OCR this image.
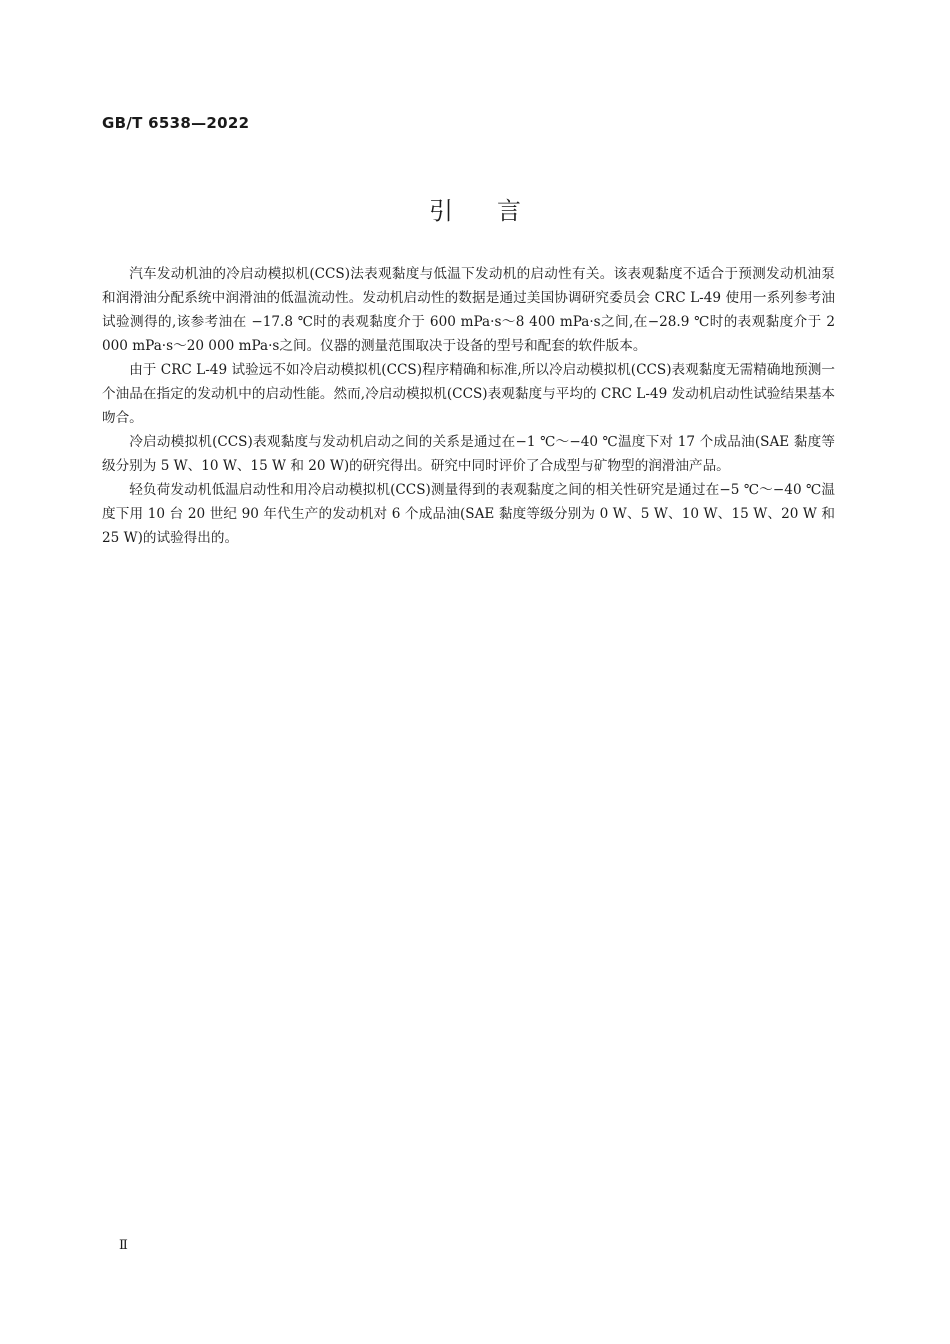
GB/T 6538—2022
引言

汽车发动机油的冷启动模拟机(CCS)法表观黏度与低温下发动机的启动性有关。该表观黏度不适合于预测发动机油泵和润滑油分配系统中润滑油的低温流动性。发动机启动性的数据是通过美国协调研究委员会 CRC L-49 使用一系列参考油试验测得的,该参考油在 −17.8 ℃时的表观黏度介于 600 mPa·s～8 400 mPa·s之间,在−28.9 ℃时的表观黏度介于 2 000 mPa·s～20 000 mPa·s之间。仪器的测量范围取决于设备的型号和配套的软件版本。

由于 CRC L-49 试验远不如冷启动模拟机(CCS)程序精确和标准,所以冷启动模拟机(CCS)表观黏度无需精确地预测一个油品在指定的发动机中的启动性能。然而,冷启动模拟机(CCS)表观黏度与平均的 CRC L-49 发动机启动性试验结果基本吻合。

冷启动模拟机(CCS)表观黏度与发动机启动之间的关系是通过在−1 ℃～−40 ℃温度下对 17 个成品油(SAE 黏度等级分别为 5 W、10 W、15 W 和 20 W)的研究得出。研究中同时评价了合成型与矿物型的润滑油产品。

轻负荷发动机低温启动性和用冷启动模拟机(CCS)测量得到的表观黏度之间的相关性研究是通过在−5 ℃～−40 ℃温度下用 10 台 20 世纪 90 年代生产的发动机对 6 个成品油(SAE 黏度等级分别为 0 W、5 W、10 W、15 W、20 W 和 25 W)的试验得出的。

Ⅱ
